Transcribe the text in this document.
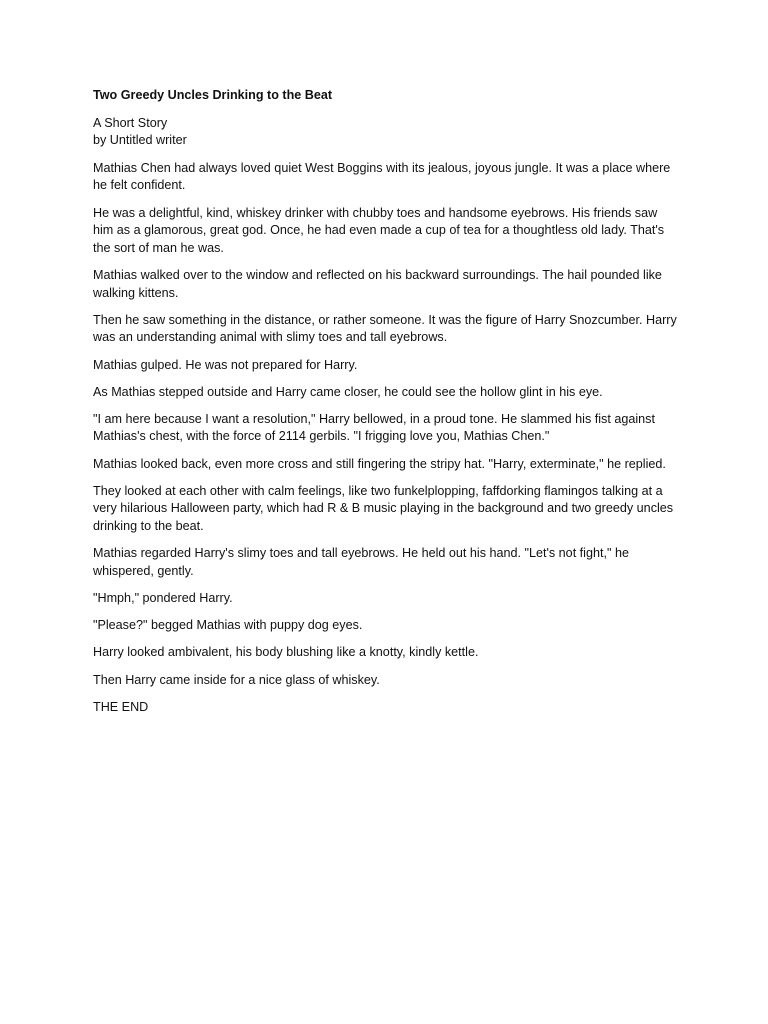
Two Greedy Uncles Drinking to the Beat

A Short Story
by Untitled writer

Mathias Chen had always loved quiet West Boggins with its jealous, joyous jungle. It was a place where he felt confident.

He was a delightful, kind, whiskey drinker with chubby toes and handsome eyebrows. His friends saw him as a glamorous, great god. Once, he had even made a cup of tea for a thoughtless old lady. That's the sort of man he was.

Mathias walked over to the window and reflected on his backward surroundings. The hail pounded like walking kittens.

Then he saw something in the distance, or rather someone. It was the figure of Harry Snozcumber. Harry was an understanding animal with slimy toes and tall eyebrows.

Mathias gulped. He was not prepared for Harry.

As Mathias stepped outside and Harry came closer, he could see the hollow glint in his eye.

"I am here because I want a resolution," Harry bellowed, in a proud tone. He slammed his fist against Mathias's chest, with the force of 2114 gerbils. "I frigging love you, Mathias Chen."

Mathias looked back, even more cross and still fingering the stripy hat. "Harry, exterminate," he replied.

They looked at each other with calm feelings, like two funkelplopping, faffdorking flamingos talking at a very hilarious Halloween party, which had R & B music playing in the background and two greedy uncles drinking to the beat.

Mathias regarded Harry's slimy toes and tall eyebrows. He held out his hand. "Let's not fight," he whispered, gently.

"Hmph," pondered Harry.

"Please?" begged Mathias with puppy dog eyes.

Harry looked ambivalent, his body blushing like a knotty, kindly kettle.

Then Harry came inside for a nice glass of whiskey.

THE END
